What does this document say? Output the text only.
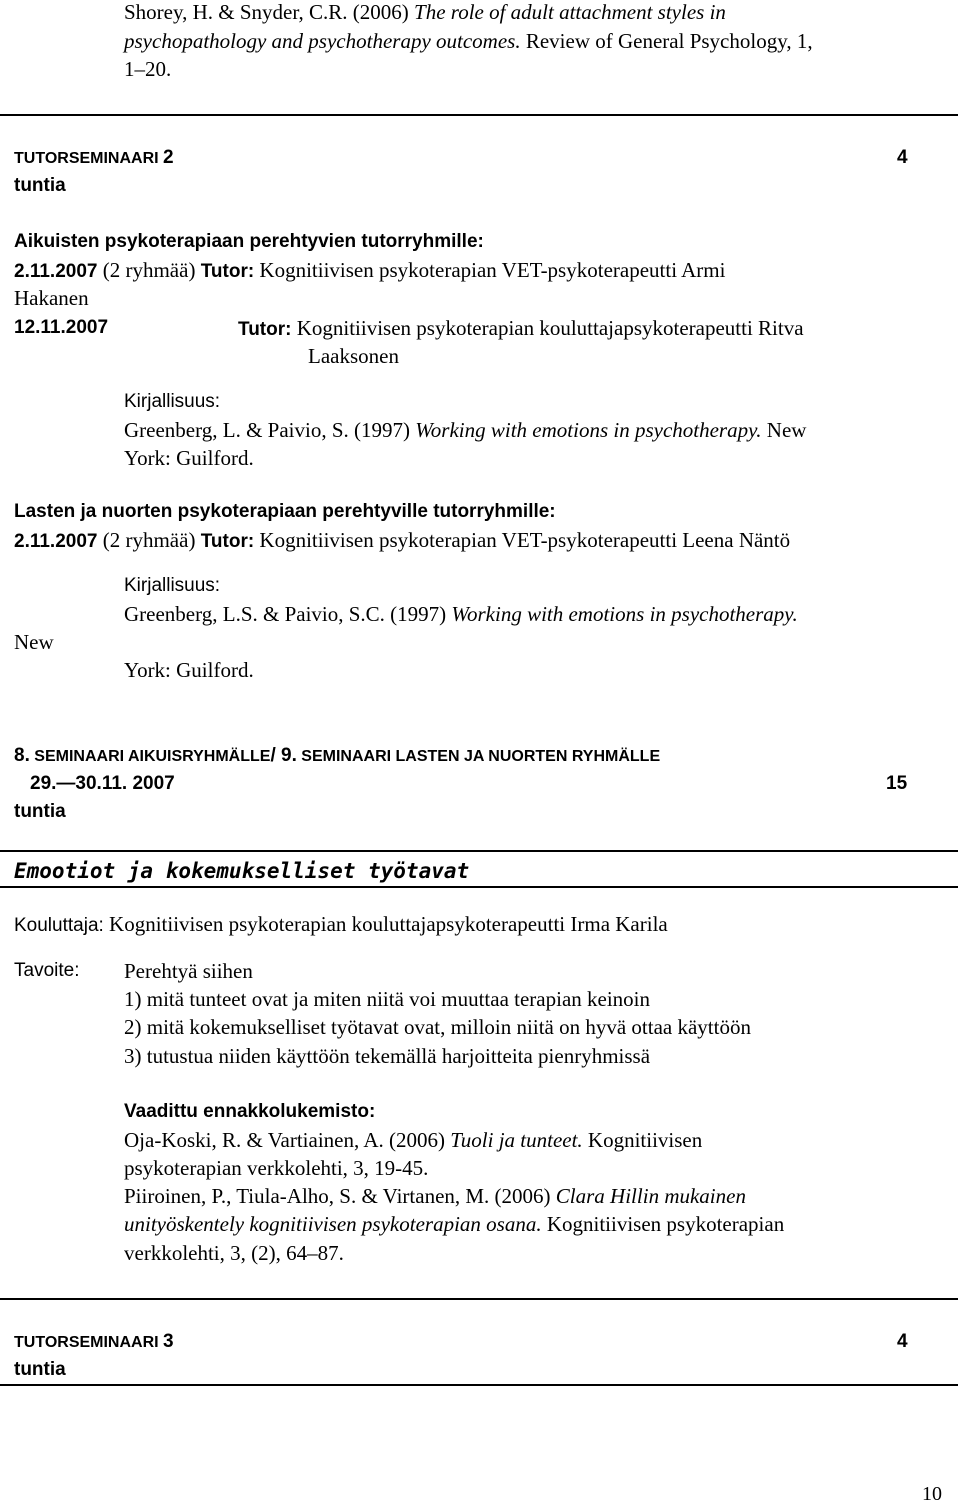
Shorey, H. & Snyder, C.R. (2006) The role of adult attachment styles in
psychopathology and psychotherapy outcomes. Review of General Psychology, 1,
1–20.
TUTORSEMINAARI 2	4
tuntia
Aikuisten psykoterapiaan perehtyvien tutorryhmille:
2.11.2007 (2 ryhmää) Tutor: Kognitiivisen psykoterapian VET-psykoterapeutti Armi
Hakanen
12.11.2007	Tutor: Kognitiivisen psykoterapian kouluttajapsykoterapeutti Ritva
Laaksonen
Kirjallisuus:
Greenberg, L. & Paivio, S. (1997) Working with emotions in psychotherapy. New
York: Guilford.
Lasten ja nuorten psykoterapiaan perehtyville tutorryhmille:
2.11.2007 (2 ryhmää) Tutor: Kognitiivisen psykoterapian VET-psykoterapeutti Leena Näntö
Kirjallisuus:
Greenberg, L.S. & Paivio, S.C. (1997) Working with emotions in psychotherapy.
New
York: Guilford.
8. SEMINAARI AIKUISRYHMÄLLE/ 9. SEMINAARI LASTEN JA NUORTEN RYHMÄLLE
29.—30.11. 2007	15
tuntia
Emootiot ja kokemukselliset työtavat
Kouluttaja: Kognitiivisen psykoterapian kouluttajapsykoterapeutti Irma Karila
Tavoite: Perehtyä siihen
1) mitä tunteet ovat ja miten niitä voi muuttaa terapian keinoin
2) mitä kokemukselliset työtavat ovat, milloin niitä on hyvä ottaa käyttöön
3) tutustua niiden käyttöön tekemällä harjoitteita pienryhmissä
Vaadittu ennakkolukemisto:
Oja-Koski, R. & Vartiainen, A. (2006) Tuoli ja tunteet. Kognitiivisen
psykoterapian verkkolehti, 3, 19-45.
Piiroinen, P., Tiula-Alho, S. & Virtanen, M. (2006) Clara Hillin mukainen
unityöskentely kognitiivisen psykoterapian osana. Kognitiivisen psykoterapian
verkkolehti, 3, (2), 64–87.
TUTORSEMINAARI 3	4
tuntia
10
